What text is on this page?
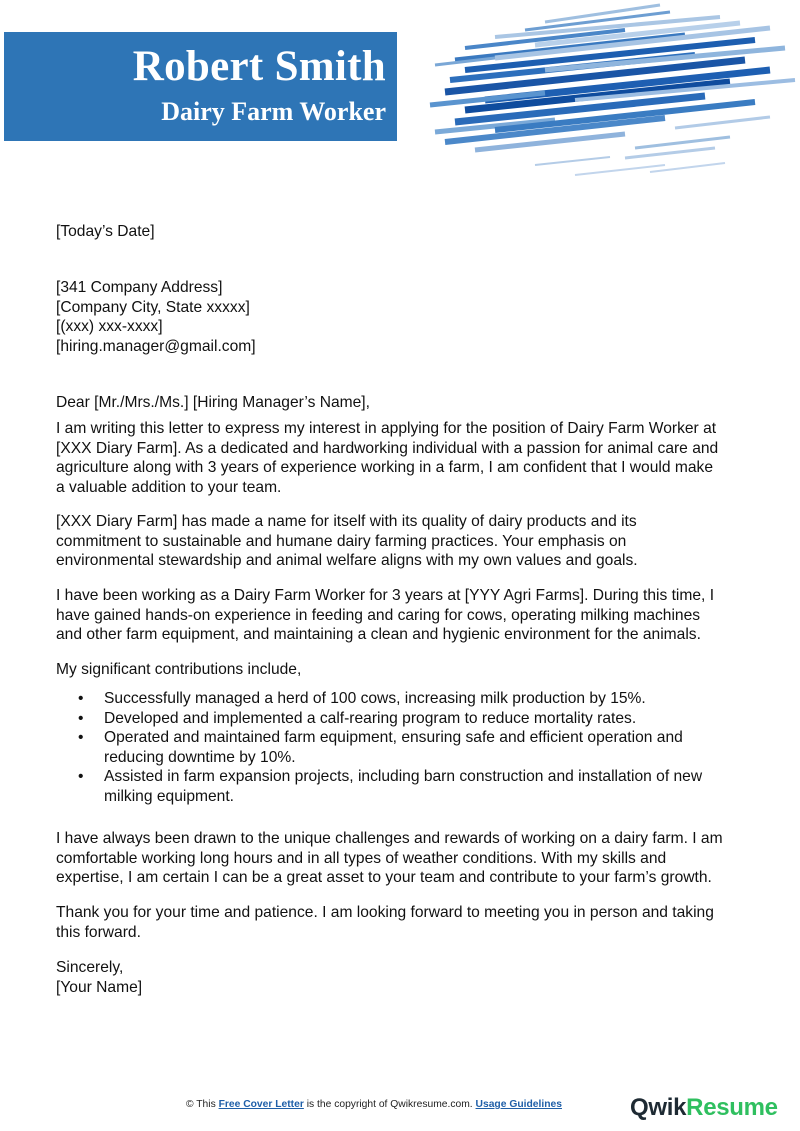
Robert Smith
Dairy Farm Worker
[Today’s Date]
[341 Company Address]
[Company City, State xxxxx]
[(xxx) xxx-xxxx]
[hiring.manager@gmail.com]
Dear [Mr./Mrs./Ms.] [Hiring Manager’s Name],
I am writing this letter to express my interest in applying for the position of Dairy Farm Worker at
[XXX Diary Farm]. As a dedicated and hardworking individual with a passion for animal care and
agriculture along with 3 years of experience working in a farm, I am confident that I would make
a valuable addition to your team.
[XXX Diary Farm] has made a name for itself with its quality of dairy products and its
commitment to sustainable and humane dairy farming practices. Your emphasis on
environmental stewardship and animal welfare aligns with my own values and goals.
I have been working as a Dairy Farm Worker for 3 years at [YYY Agri Farms]. During this time, I
have gained hands-on experience in feeding and caring for cows, operating milking machines
and other farm equipment, and maintaining a clean and hygienic environment for the animals.
My significant contributions include,
• Successfully managed a herd of 100 cows, increasing milk production by 15%.
• Developed and implemented a calf-rearing program to reduce mortality rates.
• Operated and maintained farm equipment, ensuring safe and efficient operation and
reducing downtime by 10%.
• Assisted in farm expansion projects, including barn construction and installation of new
milking equipment.
I have always been drawn to the unique challenges and rewards of working on a dairy farm. I am
comfortable working long hours and in all types of weather conditions. With my skills and
expertise, I am certain I can be a great asset to your team and contribute to your farm’s growth.
Thank you for your time and patience. I am looking forward to meeting you in person and taking
this forward.
Sincerely,
[Your Name]
© This Free Cover Letter is the copyright of Qwikresume.com. Usage Guidelines	QwikResume
